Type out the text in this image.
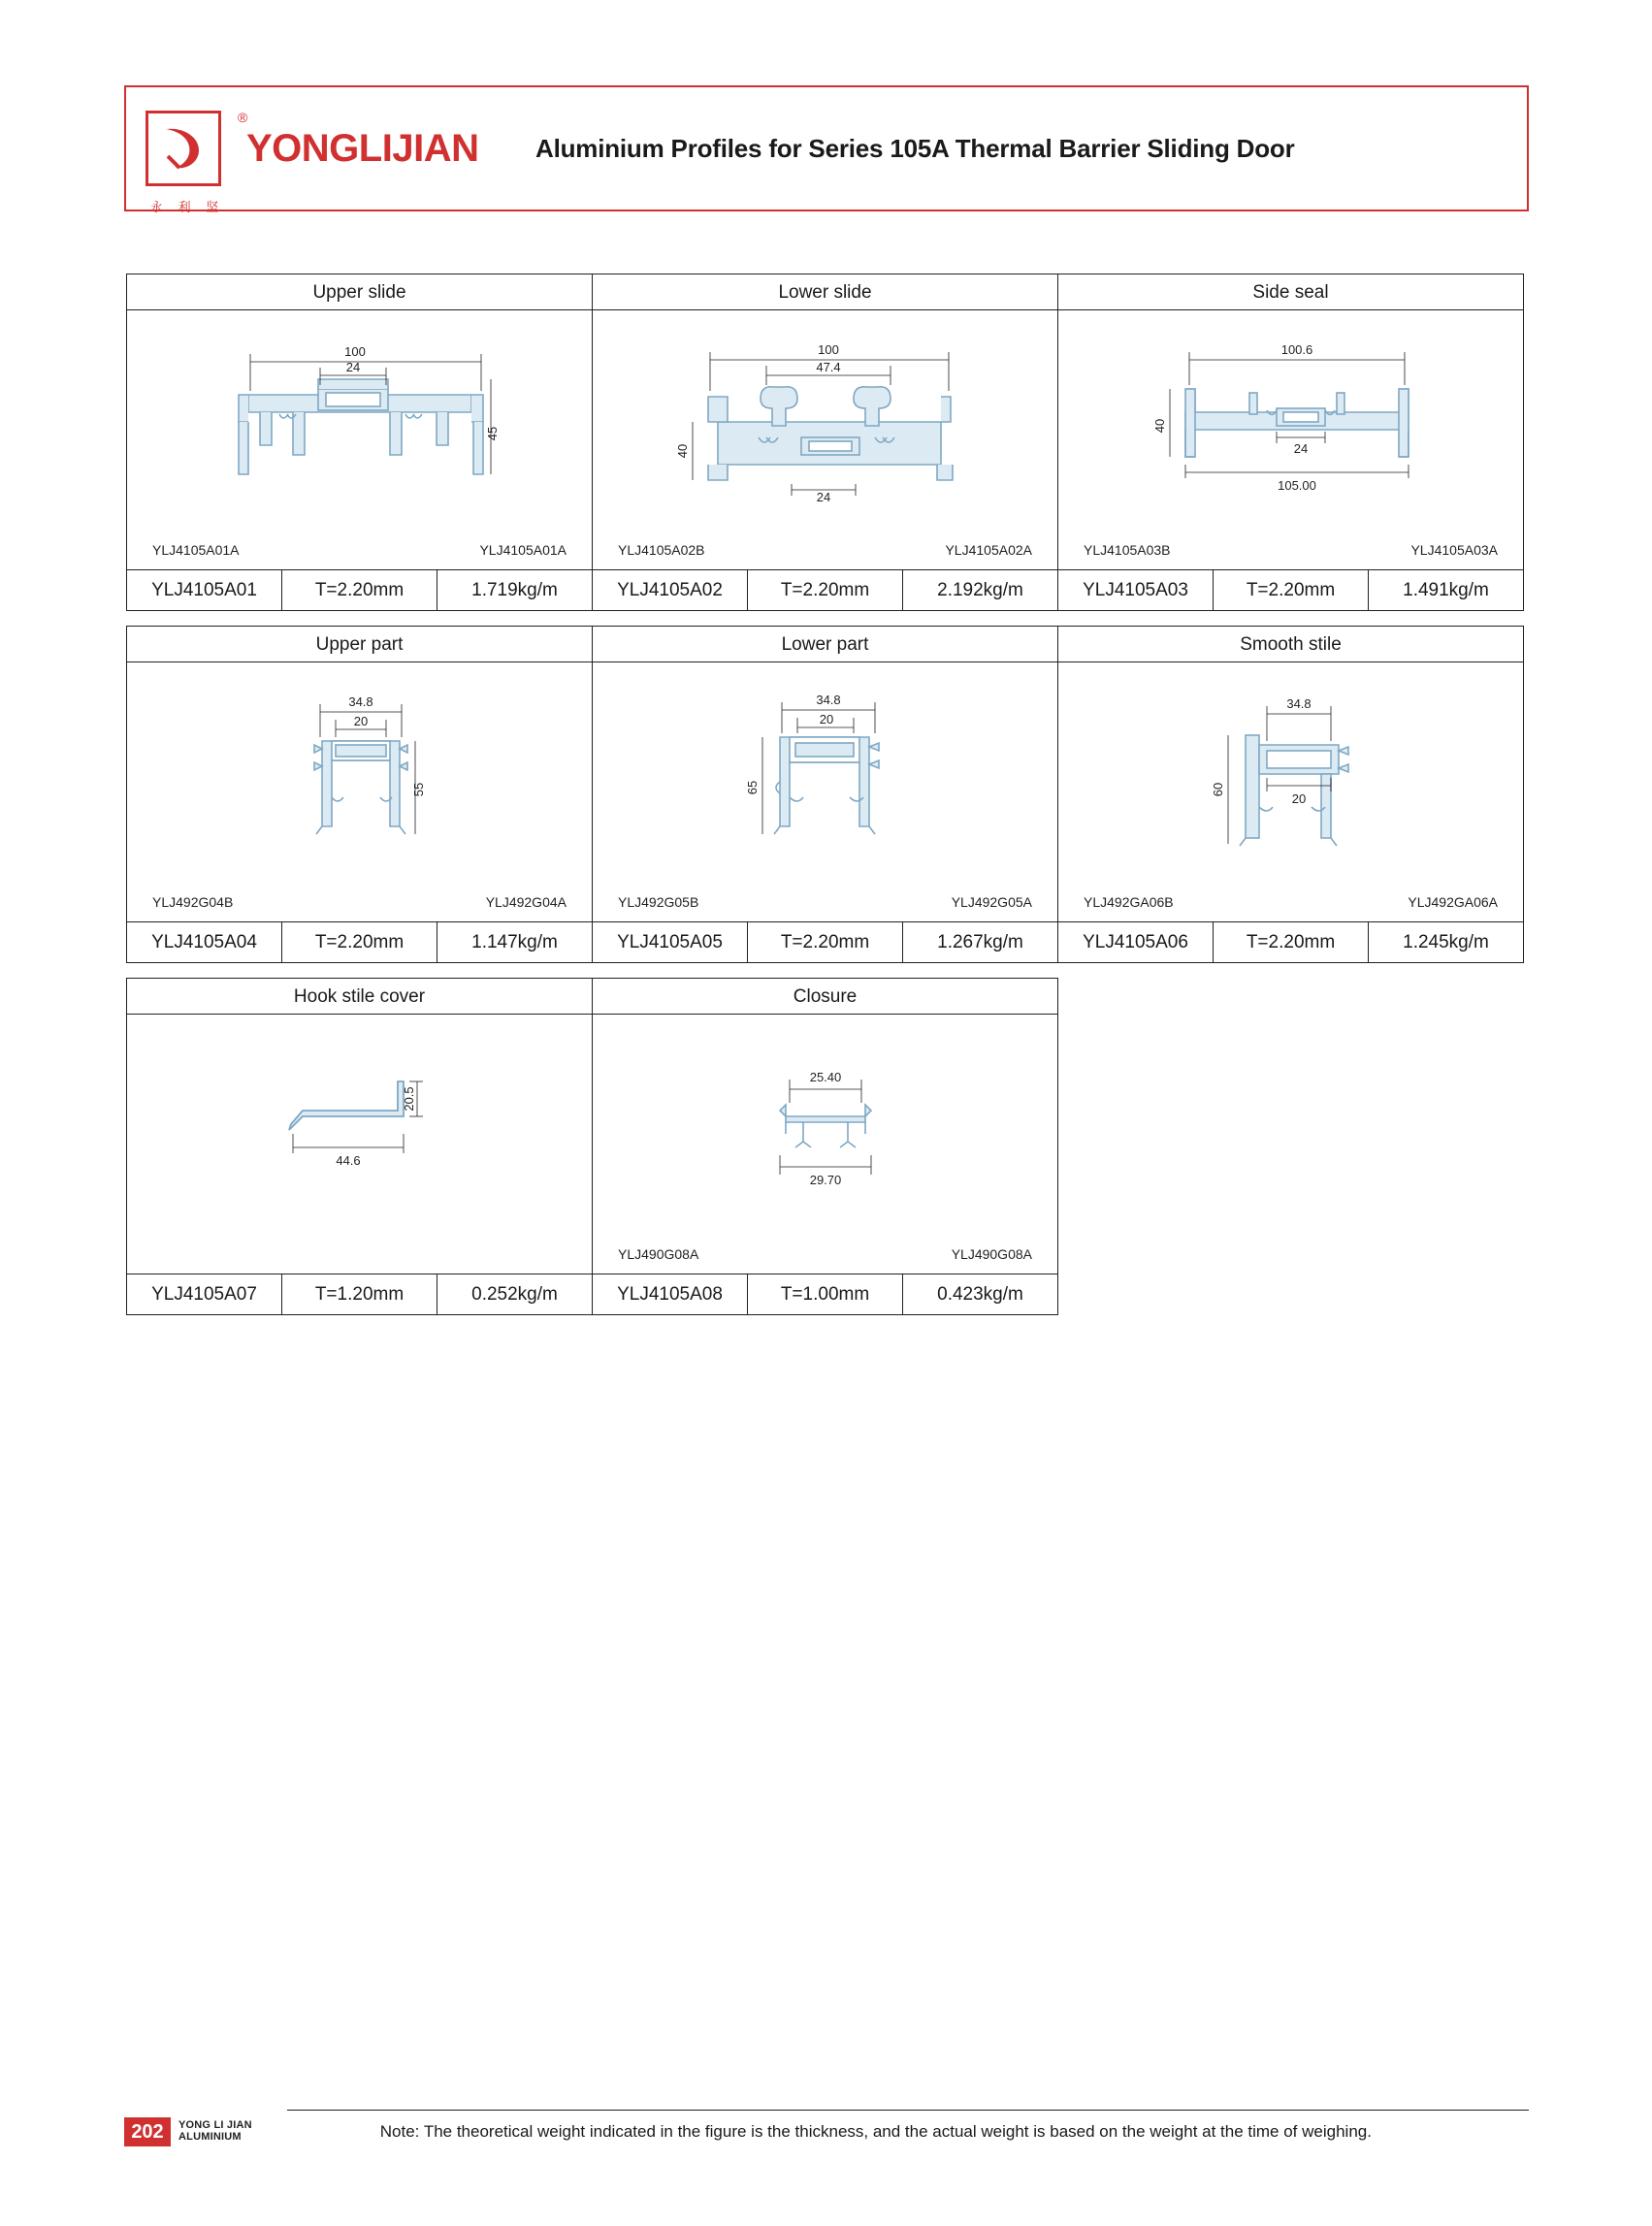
®
永 利 坚
YONGLIJIAN	Aluminium Profiles for Series 105A Thermal Barrier Sliding Door
Upper slide
100
24
45
YLJ4105A01A	YLJ4105A01A
YLJ4105A01	T=2.20mm	1.719kg/m
Lower slide
100
47.4
40
24
YLJ4105A02B	YLJ4105A02A
YLJ4105A02	T=2.20mm	2.192kg/m
Side seal
100.6
40
24
105.00
YLJ4105A03B	YLJ4105A03A
YLJ4105A03	T=2.20mm	1.491kg/m
Upper part
34.8
20
55
YLJ492G04B	YLJ492G04A
YLJ4105A04	T=2.20mm	1.147kg/m
Lower part
34.8
20
65
YLJ492G05B	YLJ492G05A
YLJ4105A05	T=2.20mm	1.267kg/m
Smooth stile
34.8
20
60
YLJ492GA06B	YLJ492GA06A
YLJ4105A06	T=2.20mm	1.245kg/m
Hook stile cover
44.6
20.5
YLJ4105A07	T=1.20mm	0.252kg/m
Closure
25.40
29.70
YLJ490G08A	YLJ490G08A
YLJ4105A08	T=1.00mm	0.423kg/m
202	YONG LI JIAN
ALUMINIUM	Note: The theoretical weight indicated in the figure is the thickness, and the actual weight is based on the weight at the time of weighing.
